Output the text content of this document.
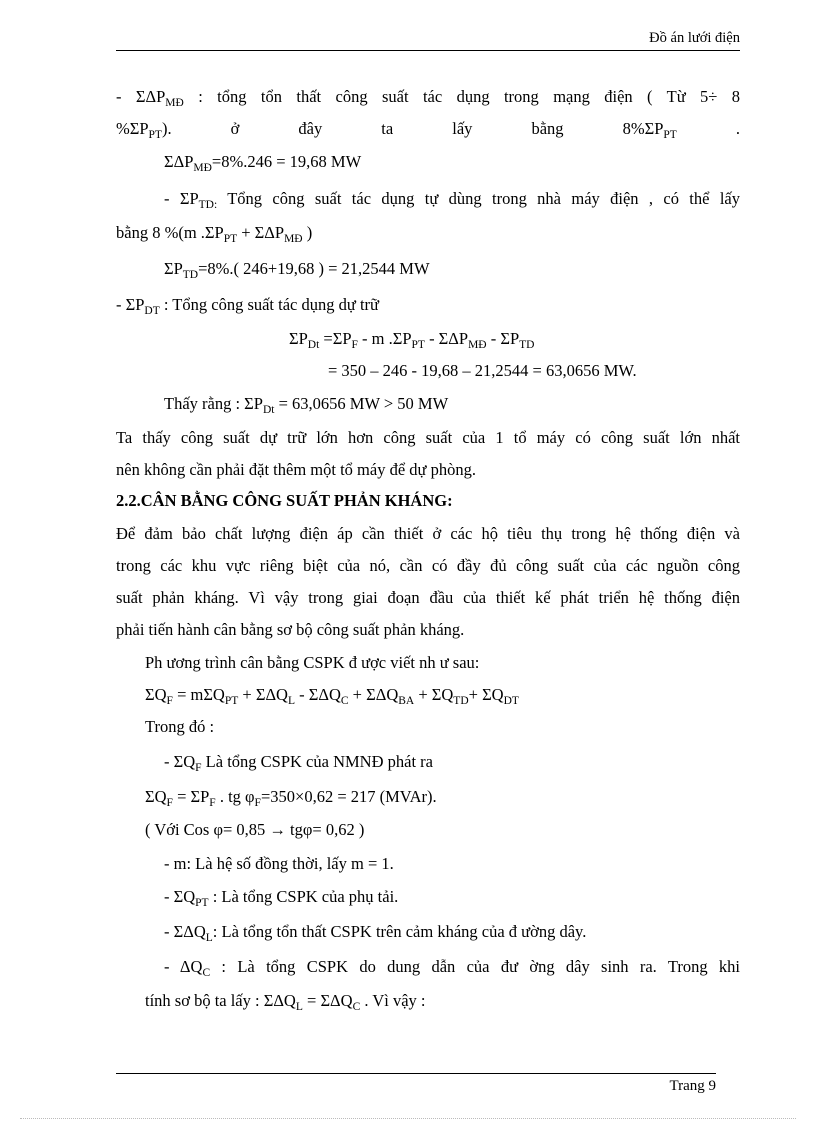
Đồ án lưới điện
- $\Sigma\Delta P_{MĐ}$ : tổng tổn thất công suất tác dụng trong mạng điện ( Từ 5÷ 8
$\%\Sigma P_{PT}$). ở đây ta lấy bằng $8\%\Sigma P_{PT}$ .
$\Sigma\Delta P_{MĐ}=8\%.246 = 19,68$ MW
- $\Sigma P_{TD:}$ Tổng công suất tác dụng tự dùng trong nhà máy điện , có thể lấy
bằng 8 %(m $.\Sigma P_{PT} + \Sigma\Delta P_{MĐ}$ )
$\Sigma P_{TD}=8\%$.( 246+19,68 ) = 21,2544 MW
- $\Sigma P_{DT}$ : Tổng công suất tác dụng dự trữ
$\Sigma P_{Dt} =\Sigma P_F - m$ $.\Sigma P_{PT} - \Sigma\Delta P_{MĐ} - \Sigma P_{TD}$
= 350 – 246 - 19,68 – 21,2544 = 63,0656 MW.
Thấy rằng : $\Sigma P_{Dt} = 63,0656$ MW > 50 MW
Ta thấy công suất dự trữ lớn hơn công suất của 1 tổ máy có công suất lớn nhất
nên không cần phải đặt thêm một tổ máy để dự phòng.
2.2.CÂN BẰNG CÔNG SUẤT PHẢN KHÁNG:
Để đảm bảo chất lượng điện áp cần thiết ở các hộ tiêu thụ trong hệ thống điện và
trong các khu vực riêng biệt của nó, cần có đầy đủ công suất của các nguồn công
suất phản kháng. Vì vậy trong giai đoạn đầu của thiết kế phát triển hệ thống điện
phải tiến hành cân bằng sơ bộ công suất phản kháng.
Ph ương trình cân bằng CSPK đ ược viết nh ư sau:
$\Sigma Q_F = m\Sigma Q_{PT} + \Sigma\Delta Q_L - \Sigma\Delta Q_C + \Sigma\Delta Q_{BA} + \Sigma Q_{TD}+ \Sigma Q_{DT}$
Trong đó :
- $\Sigma Q_F$ Là tổng CSPK của NMNĐ phát ra
$\Sigma Q_F = \Sigma P_F$ . tg $\varphi_F=350\times 0,62 = 217$ (MVAr).
( Với Cos φ= 0,85 → tgφ= 0,62 )
- m: Là hệ số đồng thời, lấy m = 1.
- $\Sigma Q_{PT}$ : Là tổng CSPK của phụ tải.
- $\Sigma\Delta Q_L$: Là tổng tổn thất CSPK trên cảm kháng của đ ường dây.
- $\Delta Q_C$ : Là tổng CSPK do dung dẫn của đư ờng dây sinh ra. Trong khi
tính sơ bộ ta lấy : $\Sigma\Delta Q_L = \Sigma\Delta Q_C$ . Vì vậy :
Trang 9
